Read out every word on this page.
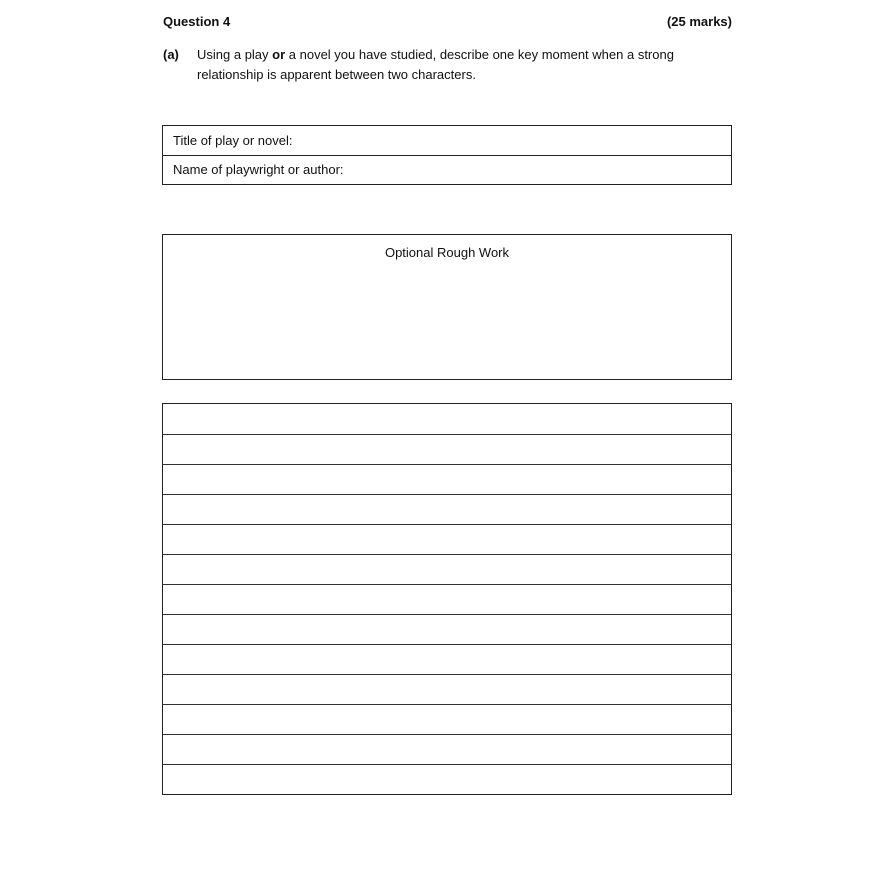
Question 4	(25 marks)
(a) Using a play or a novel you have studied, describe one key moment when a strong relationship is apparent between two characters.
Title of play or novel:
Name of playwright or author:
Optional Rough Work
